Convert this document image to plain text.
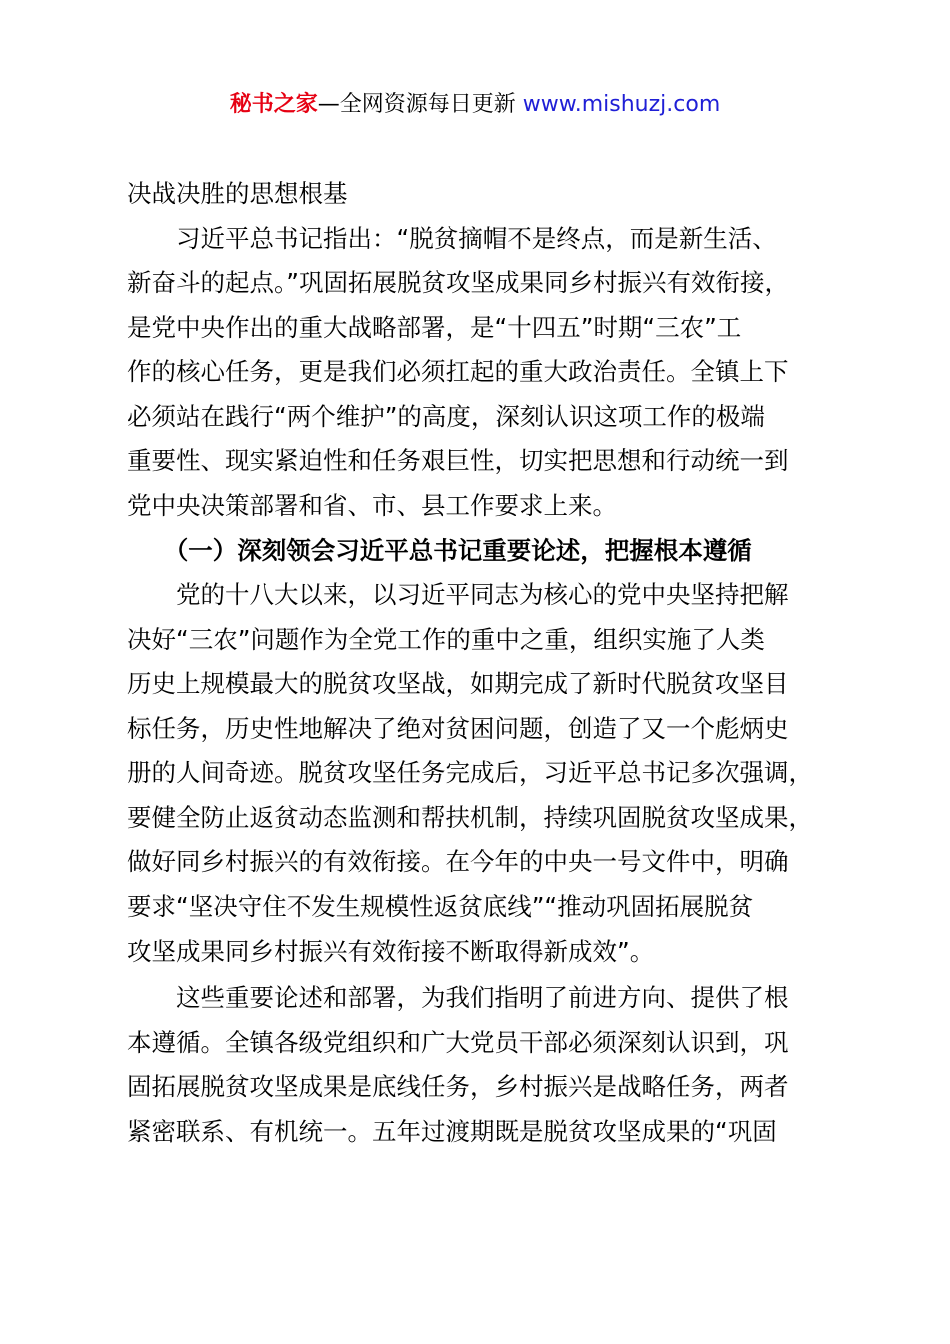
秘书之家—全网资源每日更新 www.mishuzj.com
决战决胜的思想根基
　　习近平总书记指出：“脱贫摘帽不是终点，而是新生活、
新奋斗的起点。”巩固拓展脱贫攻坚成果同乡村振兴有效衔接，
是党中央作出的重大战略部署，是“十四五”时期“三农”工
作的核心任务，更是我们必须扛起的重大政治责任。全镇上下
必须站在践行“两个维护”的高度，深刻认识这项工作的极端
重要性、现实紧迫性和任务艰巨性，切实把思想和行动统一到
党中央决策部署和省、市、县工作要求上来。
　　（一）深刻领会习近平总书记重要论述，把握根本遵循
　　党的十八大以来，以习近平同志为核心的党中央坚持把解
决好“三农”问题作为全党工作的重中之重，组织实施了人类
历史上规模最大的脱贫攻坚战，如期完成了新时代脱贫攻坚目
标任务，历史性地解决了绝对贫困问题，创造了又一个彪炳史
册的人间奇迹。脱贫攻坚任务完成后，习近平总书记多次强调，
要健全防止返贫动态监测和帮扶机制，持续巩固脱贫攻坚成果，
做好同乡村振兴的有效衔接。在今年的中央一号文件中，明确
要求“坚决守住不发生规模性返贫底线”“推动巩固拓展脱贫
攻坚成果同乡村振兴有效衔接不断取得新成效”。
　　这些重要论述和部署，为我们指明了前进方向、提供了根
本遵循。全镇各级党组织和广大党员干部必须深刻认识到，巩
固拓展脱贫攻坚成果是底线任务，乡村振兴是战略任务，两者
紧密联系、有机统一。五年过渡期既是脱贫攻坚成果的“巩固
